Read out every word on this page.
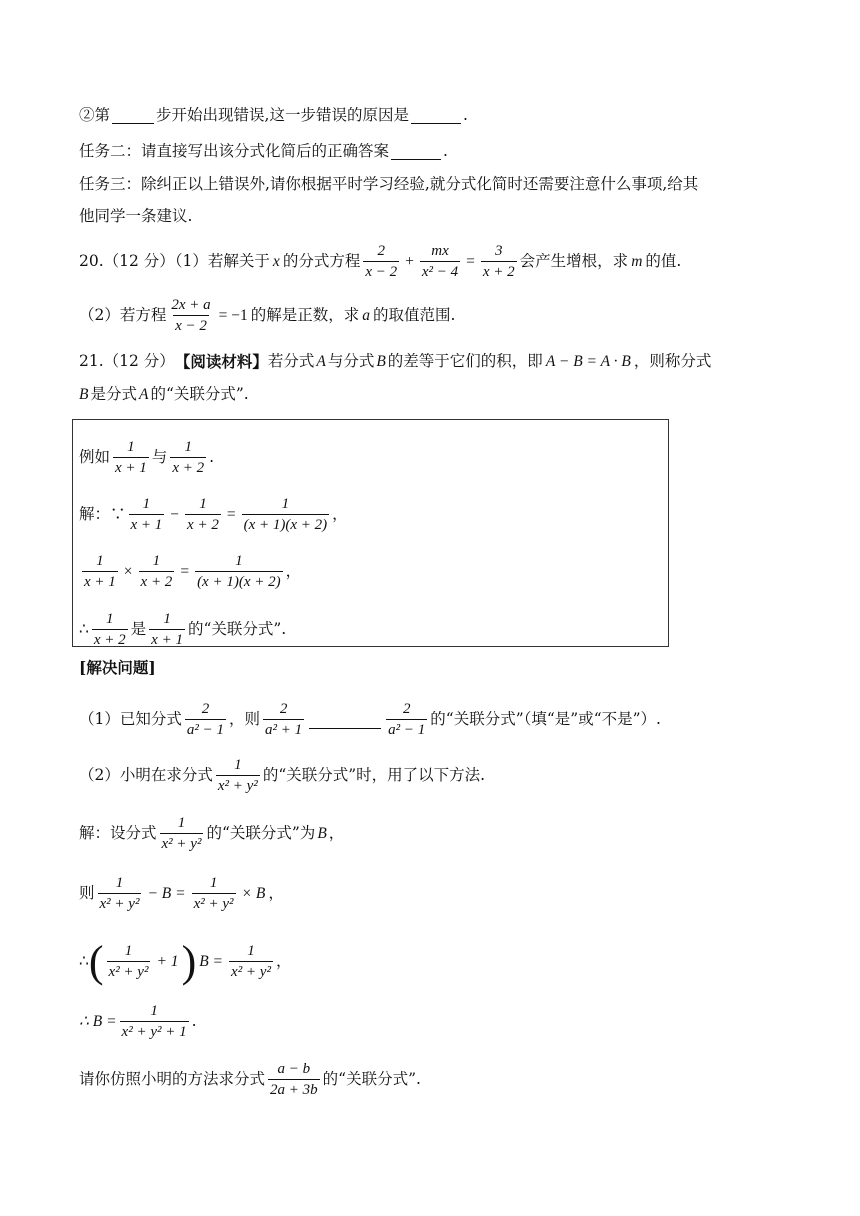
②第	步开始出现错误,这一步错误的原因是	.
任务二：请直接写出该分式化简后的正确答案	.
任务三：除纠正以上错误外,请你根据平时学习经验,就分式化简时还需要注意什么事项,给其
他同学一条建议.
20.（12 分）（1）若解关于 x 的分式方程 $\frac{2}{x - 2} + \frac{mx}{\text{x² − 4}} = \frac{3}{x + 2}$ 会产生增根，求 m 的值.
（2）若方程 $\frac{2x + a}{x - 2} = -1$ 的解是正数，求 a 的取值范围.
21.（12 分） 【阅读材料】 若分式 A 与分式 B 的差等于它们的积，即 A − B = A · B ，则称分式
B 是分式 A 的“关联分式”.
例如 $\frac{1}{x + 1}$ 与 $\frac{1}{x + 2}$ .
解：∵ $\frac{1}{x + 1} - \frac{1}{x + 2} = \frac{1}{(x + 1)(x + 2)}$ ，
$\frac{1}{x + 1} \times \frac{1}{x + 2} = \frac{1}{(x + 1)(x + 2)}$ ，
∴ $\frac{1}{x + 2}$ 是 $\frac{1}{x + 1}$ 的“关联分式”.
[解决问题]
（1）已知分式 $\frac{2}{\text{a² − 1}}$ ，则 $\frac{2}{\text{a² + 1}}$	$\frac{2}{\text{a² − 1}}$ 的“关联分式”（填“是”或“不是”）.
（2）小明在求分式 $\frac{1}{\text{x² + y²}}$ 的“关联分式”时，用了以下方法.
解：设分式 $\frac{1}{\text{x² + y²}}$ 的“关联分式”为 B ，
则 $\frac{1}{\text{x² + y²}} - B = \frac{1}{\text{x² + y²}} \times B$ ，
∴ ( $\frac{1}{\text{x² + y²}} + 1$ ) $B = \frac{1}{\text{x² + y²}}$ ，
∴ $B = \frac{1}{\text{x² + y² + 1}}$ .
请你仿照小明的方法求分式 $\frac{a - b}{2a + 3b}$ 的“关联分式”.
